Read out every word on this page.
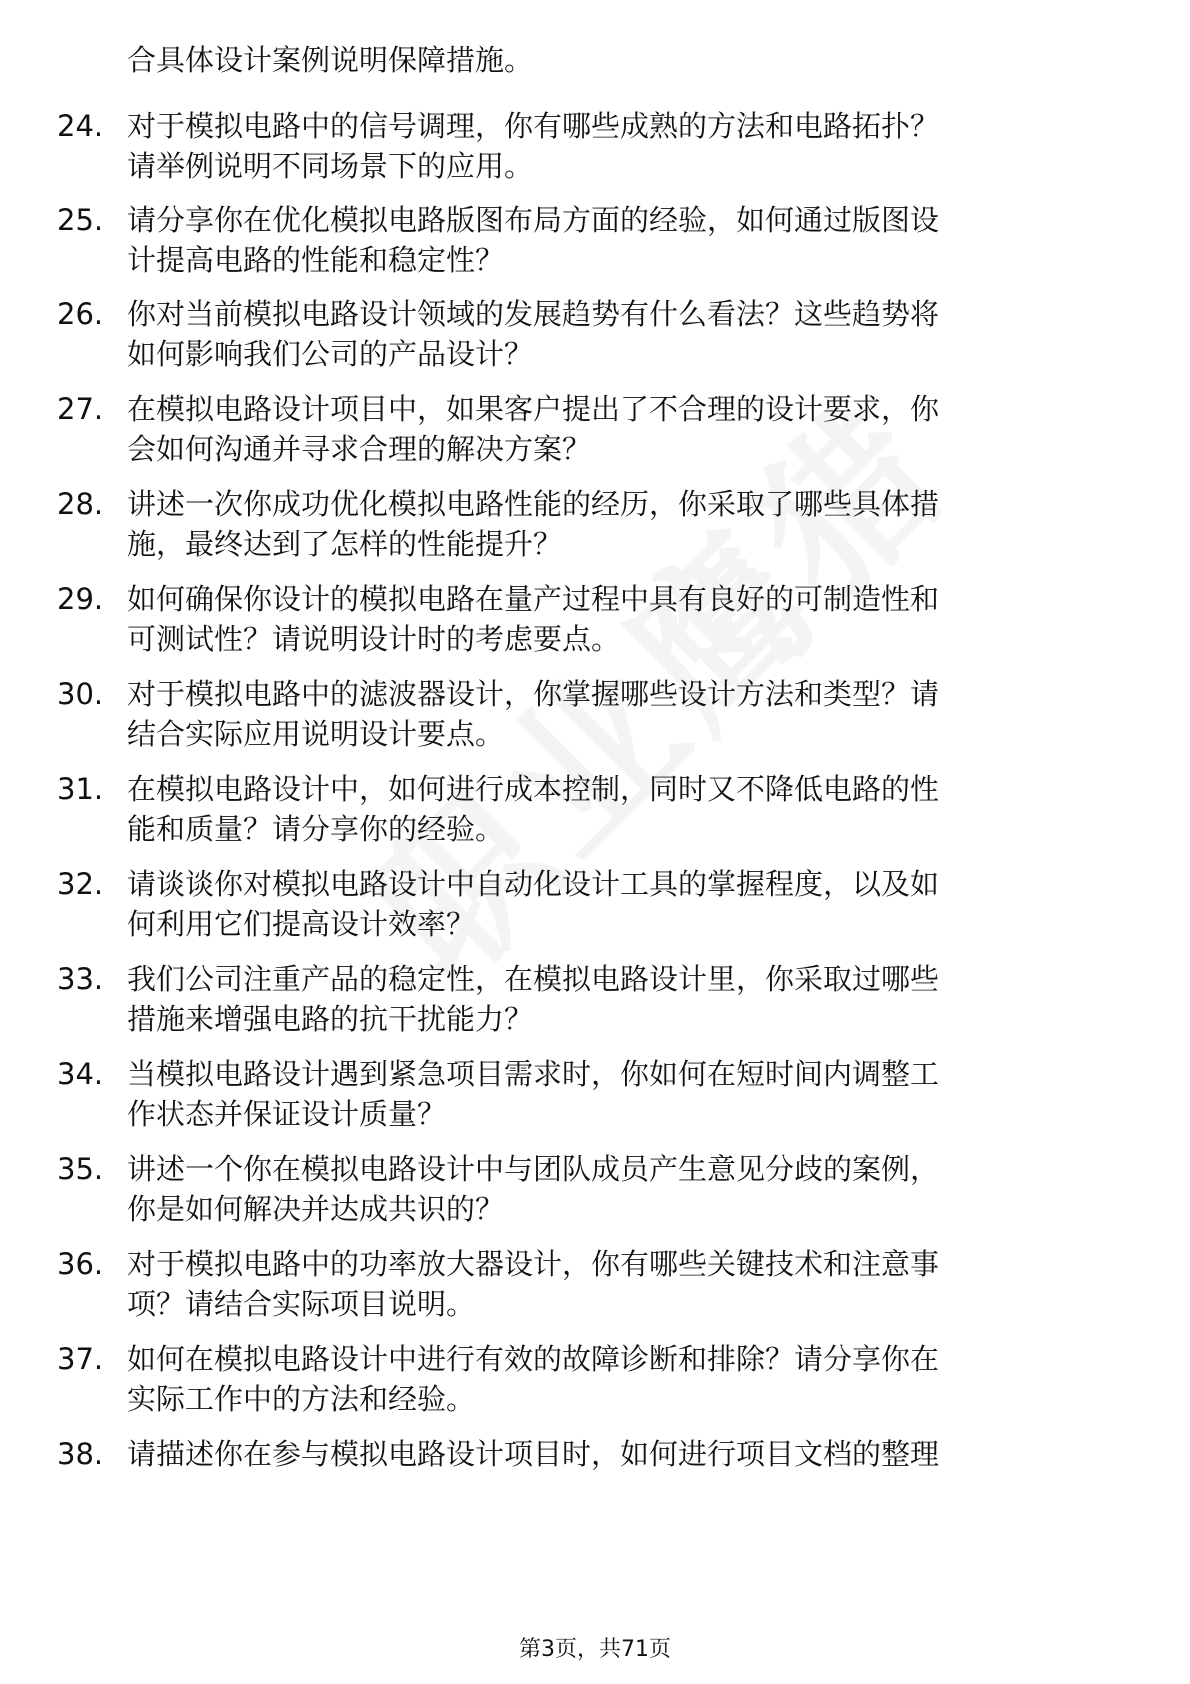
合具体设计案例说明保障措施。
24. 对于模拟电路中的信号调理，你有哪些成熟的方法和电路拓扑？
请举例说明不同场景下的应用。
25. 请分享你在优化模拟电路版图布局方面的经验，如何通过版图设
计提高电路的性能和稳定性？
26. 你对当前模拟电路设计领域的发展趋势有什么看法？这些趋势将
如何影响我们公司的产品设计？
27. 在模拟电路设计项目中，如果客户提出了不合理的设计要求，你
会如何沟通并寻求合理的解决方案？
28. 讲述一次你成功优化模拟电路性能的经历，你采取了哪些具体措
施，最终达到了怎样的性能提升？
29. 如何确保你设计的模拟电路在量产过程中具有良好的可制造性和
可测试性？请说明设计时的考虑要点。
30. 对于模拟电路中的滤波器设计，你掌握哪些设计方法和类型？请
结合实际应用说明设计要点。
31. 在模拟电路设计中，如何进行成本控制，同时又不降低电路的性
能和质量？请分享你的经验。
32. 请谈谈你对模拟电路设计中自动化设计工具的掌握程度，以及如
何利用它们提高设计效率？
33. 我们公司注重产品的稳定性，在模拟电路设计里，你采取过哪些
措施来增强电路的抗干扰能力？
34. 当模拟电路设计遇到紧急项目需求时，你如何在短时间内调整工
作状态并保证设计质量？
35. 讲述一个你在模拟电路设计中与团队成员产生意见分歧的案例，
你是如何解决并达成共识的？
36. 对于模拟电路中的功率放大器设计，你有哪些关键技术和注意事
项？请结合实际项目说明。
37. 如何在模拟电路设计中进行有效的故障诊断和排除？请分享你在
实际工作中的方法和经验。
38. 请描述你在参与模拟电路设计项目时，如何进行项目文档的整理
第3页，共71页
